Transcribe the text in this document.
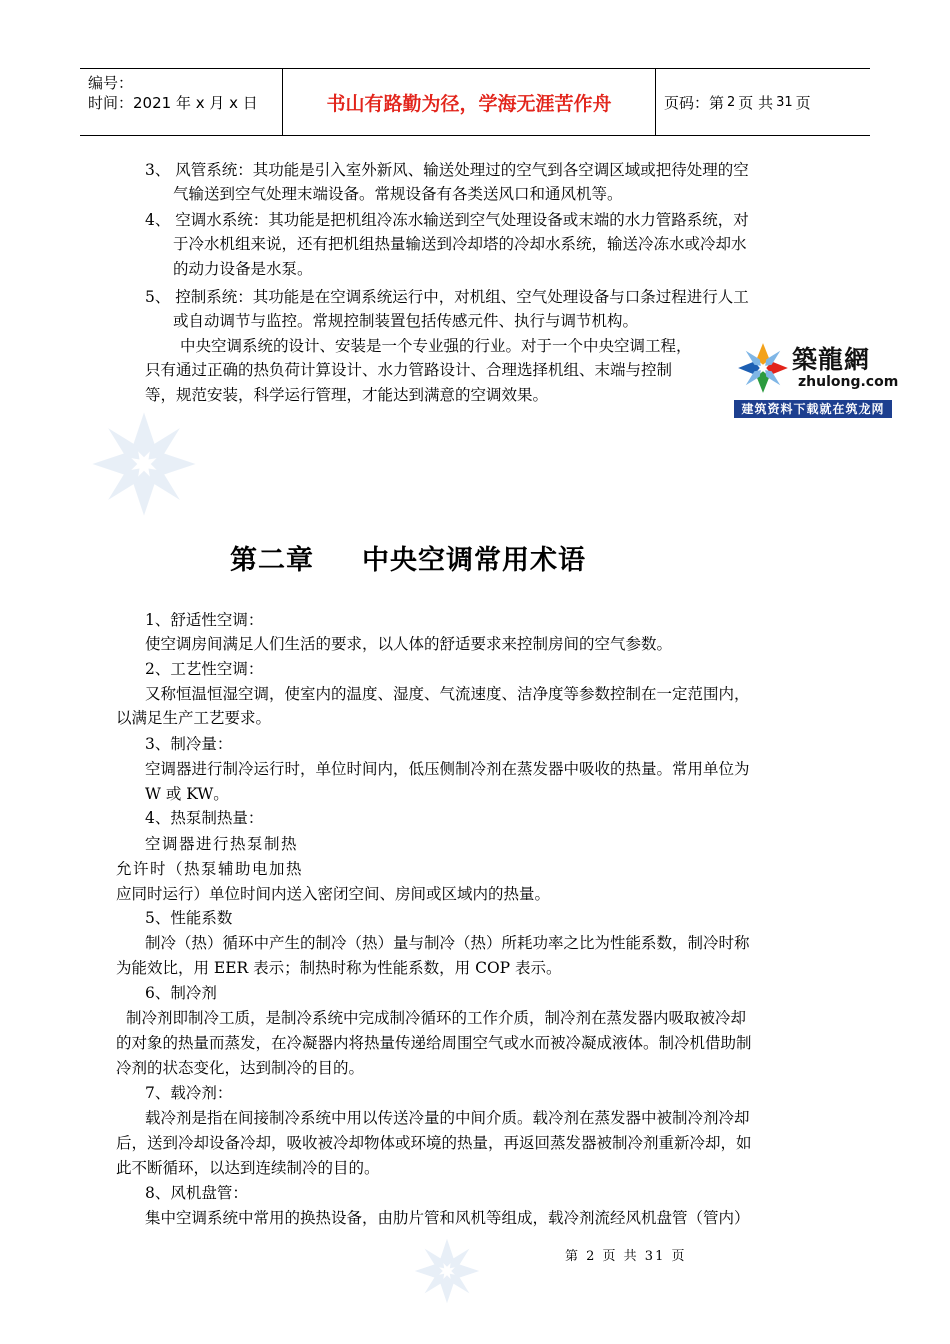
编号：
时间：2021 年 x 月 x 日	书山有路勤为径，学海无涯苦作舟	页码：第 2 页 共 31 页
3、 风管系统：其功能是引入室外新风、输送处理过的空气到各空调区域或把待处理的空
气输送到空气处理末端设备。常规设备有各类送风口和通风机等。
4、 空调水系统：其功能是把机组冷冻水输送到空气处理设备或末端的水力管路系统，对
于冷水机组来说，还有把机组热量输送到冷却塔的冷却水系统，输送冷冻水或冷却水
的动力设备是水泵。
5、 控制系统：其功能是在空调系统运行中，对机组、空气处理设备与口条过程进行人工
或自动调节与监控。常规控制装置包括传感元件、执行与调节机构。
中央空调系统的设计、安装是一个专业强的行业。对于一个中央空调工程，
只有通过正确的热负荷计算设计、水力管路设计、合理选择机组、末端与控制
等，规范安装，科学运行管理，才能达到满意的空调效果。
築龍網
zhulong.com
建筑资料下载就在筑龙网
第二章 中央空调常用术语
1、舒适性空调：
使空调房间满足人们生活的要求，以人体的舒适要求来控制房间的空气参数。
2、工艺性空调：
又称恒温恒湿空调，使室内的温度、湿度、气流速度、洁净度等参数控制在一定范围内，
以满足生产工艺要求。
3、制冷量：
空调器进行制冷运行时，单位时间内，低压侧制冷剂在蒸发器中吸收的热量。常用单位为
W 或 KW。
4、热泵制热量：
空调器进行热泵制热
允许时（热泵辅助电加热
应同时运行）单位时间内送入密闭空间、房间或区域内的热量。
5、性能系数
制冷（热）循环中产生的制冷（热）量与制冷（热）所耗功率之比为性能系数，制冷时称
为能效比，用 EER 表示；制热时称为性能系数，用 COP 表示。
6、制冷剂
制冷剂即制冷工质，是制冷系统中完成制冷循环的工作介质，制冷剂在蒸发器内吸取被冷却
的对象的热量而蒸发，在冷凝器内将热量传递给周围空气或水而被冷凝成液体。制冷机借助制
冷剂的状态变化，达到制冷的目的。
7、载冷剂：
载冷剂是指在间接制冷系统中用以传送冷量的中间介质。载冷剂在蒸发器中被制冷剂冷却
后，送到冷却设备冷却，吸收被冷却物体或环境的热量，再返回蒸发器被制冷剂重新冷却，如
此不断循环，以达到连续制冷的目的。
8、风机盘管：
集中空调系统中常用的换热设备，由肋片管和风机等组成，载冷剂流经风机盘管（管内）
第 2 页 共 31 页
